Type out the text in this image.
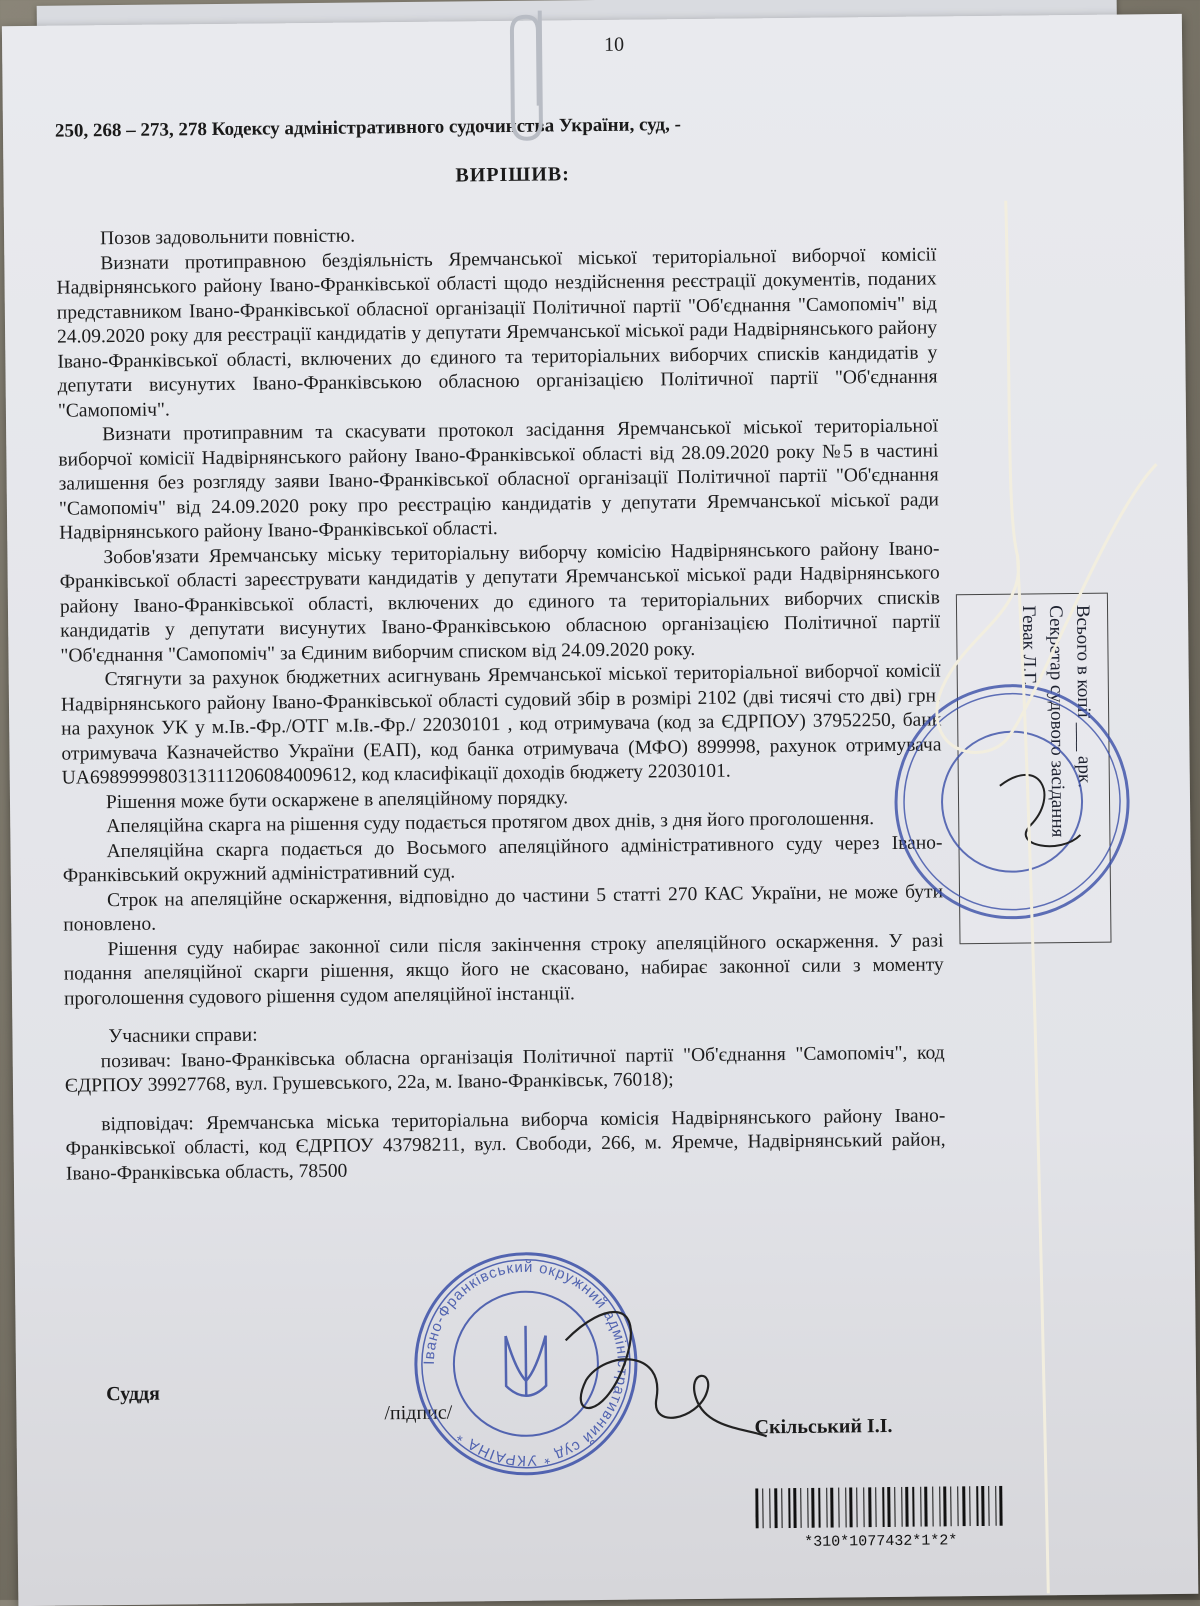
10
250, 268 – 273, 278 Кодексу адміністративного судочинства України, суд, -
ВИРІШИВ:

Позов задовольнити повністю.

Визнати протиправною бездіяльність Яремчанської міської територіальної виборчої комісії Надвірнянського району Івано-Франківської області щодо нездійснення реєстрації документів, поданих представником Івано-Франківської обласної організації Політичної партії "Об'єднання "Самопоміч" від 24.09.2020 року для реєстрації кандидатів у депутати Яремчанської міської ради Надвірнянського району Івано-Франківської області, включених до єдиного та територіальних виборчих списків кандидатів у депутати висунутих Івано-Франківською обласною організацією Політичної партії "Об'єднання "Самопоміч".

Визнати протиправним та скасувати протокол засідання Яремчанської міської територіальної виборчої комісії Надвірнянського району Івано-Франківської області від 28.09.2020 року №5 в частині залишення без розгляду заяви Івано-Франківської обласної організації Політичної партії "Об'єднання "Самопоміч" від 24.09.2020 року про реєстрацію кандидатів у депутати Яремчанської міської ради Надвірнянського району Івано-Франківської області.

Зобов'язати Яремчанську міську територіальну виборчу комісію Надвірнянського району Івано-Франківської області зареєструвати кандидатів у депутати Яремчанської міської ради Надвірнянського району Івано-Франківської області, включених до єдиного та територіальних виборчих списків кандидатів у депутати висунутих Івано-Франківською обласною організацією Політичної партії "Об'єднання "Самопоміч" за Єдиним виборчим списком від 24.09.2020 року.

Стягнути за рахунок бюджетних асигнувань Яремчанської міської територіальної виборчої комісії Надвірнянського району Івано-Франківської області судовий збір в розмірі 2102 (дві тисячі сто дві) грн. на рахунок УК у м.Ів.-Фр./ОТГ м.Ів.-Фр./ 22030101 , код отримувача (код за ЄДРПОУ) 37952250, банк отримувача Казначейство України (ЕАП), код банка отримувача (МФО) 899998, рахунок отримувача UA698999980313111206084009612, код класифікації доходів бюджету 22030101.

Рішення може бути оскаржене в апеляційному порядку.

Апеляційна скарга на рішення суду подається протягом двох днів, з дня його проголошення.

Апеляційна скарга подається до Восьмого апеляційного адміністративного суду через Івано-Франківський окружний адміністративний суд.

Строк на апеляційне оскарження, відповідно до частини 5 статті 270 КАС України, не може бути поновлено.

Рішення суду набирає законної сили після закінчення строку апеляційного оскарження. У разі подання апеляційної скарги рішення, якщо його не скасовано, набирає законної сили з моменту проголошення судового рішення судом апеляційної інстанції.

Учасники справи:

позивач: Івано-Франківська обласна організація Політичної партії "Об'єднання "Самопоміч", код ЄДРПОУ 39927768, вул. Грушевського, 22а, м. Івано-Франківськ, 76018);

відповідач: Яремчанська міська територіальна виборча комісія Надвірнянського району Івано-Франківської області, код ЄДРПОУ 43798211, вул. Свободи, 266, м. Яремче, Надвірнянський район, Івано-Франківська область, 78500

Суддя
/підпис/
Скільський І.І.
Всього в копії ___ арк.
Секретар судового засідання
Гевак Л.Г.
Івано-Франківський окружний адміністративний суд * УКРАЇНА *
*310*1077432*1*2*
